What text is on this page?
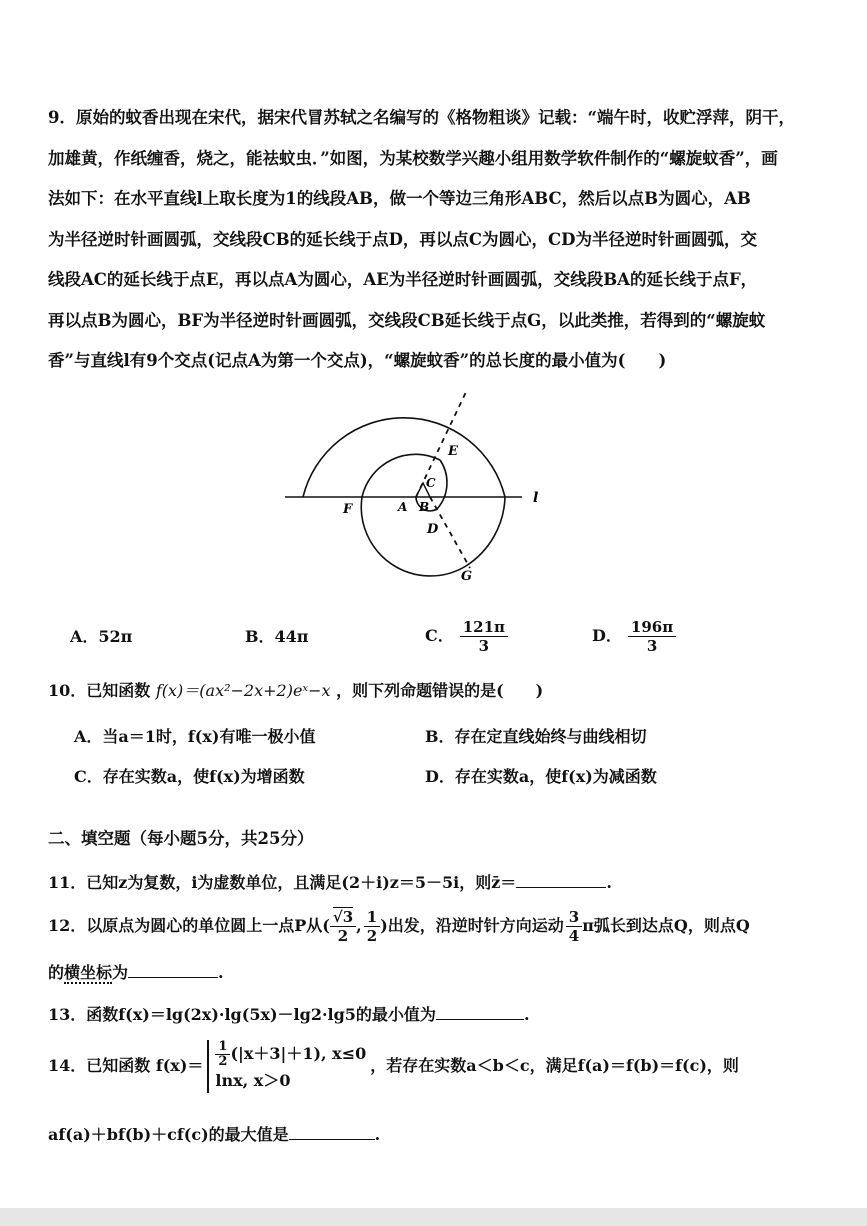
9．原始的蚊香出现在宋代，据宋代冒苏轼之名编写的《格物粗谈》记载：“端午时，收贮浮萍，阴干，

加雄黄，作纸缠香，烧之，能祛蚊虫．”如图，为某校数学兴趣小组用数学软件制作的“螺旋蚊香”，画

法如下：在水平直线l上取长度为1的线段AB，做一个等边三角形ABC，然后以点B为圆心，AB

为半径逆时针画圆弧，交线段CB的延长线于点D，再以点C为圆心，CD为半径逆时针画圆弧，交

线段AC的延长线于点E，再以点A为圆心，AE为半径逆时针画圆弧，交线段BA的延长线于点F，

再以点B为圆心，BF为半径逆时针画圆弧，交线段CB延长线于点G，以此类推，若得到的“螺旋蚊

香”与直线l有9个交点(记点A为第一个交点)，“螺旋蚊香”的总长度的最小值为(　　)

E
C
A B
F
D
G
l
A．52π	B．44π	C． $\frac{121\pi}{3}$	D． $\frac{196\pi}{3}$
10．已知函数 f(x)＝(ax²−2x+2)eˣ−x ，则下列命题错误的是(　　)
A．当a＝1时，f(x)有唯一极小值	B．存在定直线始终与曲线相切
C．存在实数a，使f(x)为增函数	D．存在实数a，使f(x)为减函数
二、填空题（每小题5分，共25分）
11．已知z为复数，i为虚数单位，且满足(2＋i)z＝5－5i，则z̄＝	.
12．以原点为圆心的单位圆上一点P从( $\frac{√3}{2}$ , $\frac{1}{2}$ )出发，沿逆时针方向运动 $\frac{3}{4}$ π弧长到达点Q，则点Q
的横坐标为	.
13．函数f(x)＝lg(2x)·lg(5x)－lg2·lg5的最小值为	.
14．已知函数 $f(x)= \frac{1}{2} (|x+3|+1)$, x≤0
lnx, x＞0
，若存在实数a＜b＜c，满足f(a)＝f(b)＝f(c)，则
af(a)＋bf(b)＋cf(c)的最大值是	.
